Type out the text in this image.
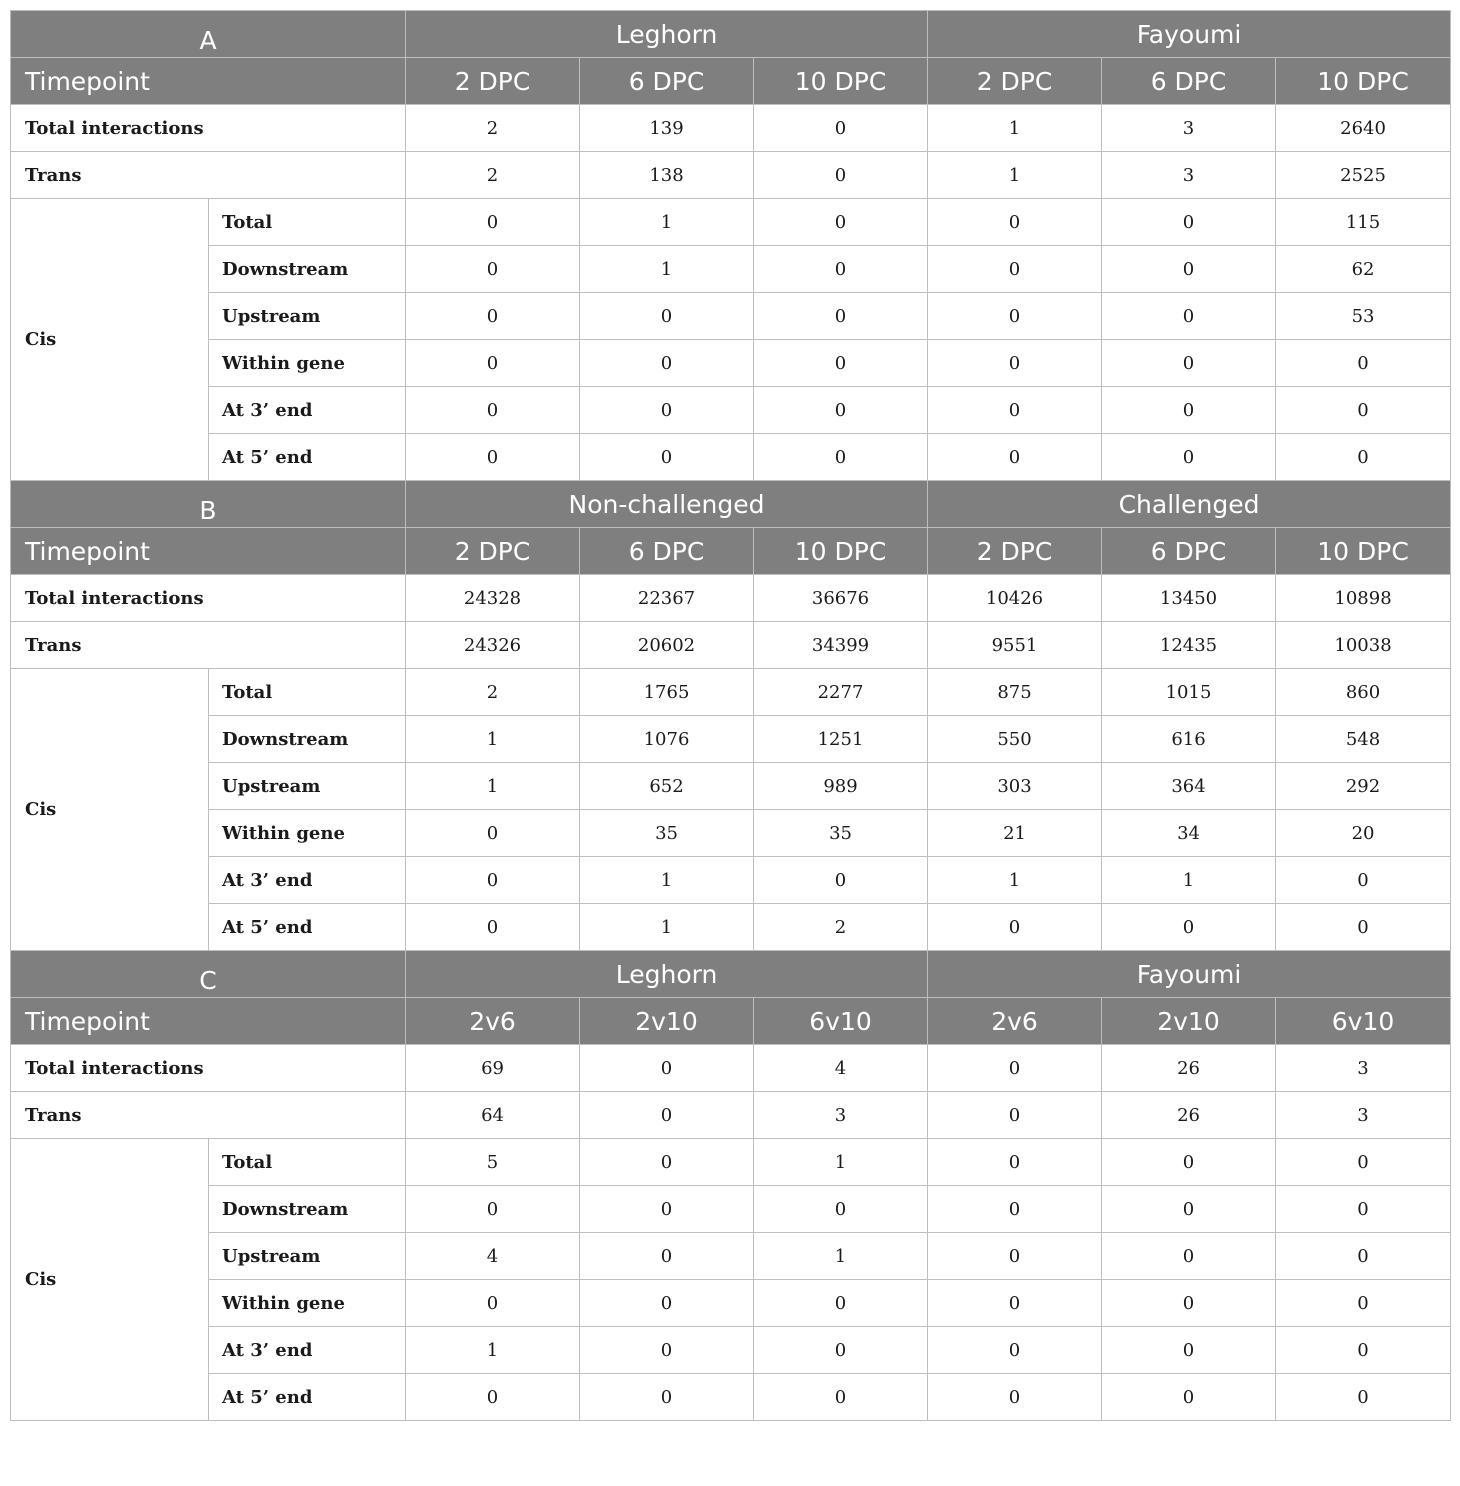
A		Leghorn			Fayoumi		
Timepoint		2 DPC	6 DPC	10 DPC	2 DPC	6 DPC	10 DPC
Total interactions		2	139	0	1	3	2640
Trans		2	138	0	1	3	2525
Cis	Total	0	1	0	0	0	115
	Downstream	0	1	0	0	0	62
	Upstream	0	0	0	0	0	53
	Within gene	0	0	0	0	0	0
	At 3’ end	0	0	0	0	0	0
	At 5’ end	0	0	0	0	0	0
B		Non-challenged			Challenged		
Timepoint		2 DPC	6 DPC	10 DPC	2 DPC	6 DPC	10 DPC
Total interactions		24328	22367	36676	10426	13450	10898
Trans		24326	20602	34399	9551	12435	10038
Cis	Total	2	1765	2277	875	1015	860
	Downstream	1	1076	1251	550	616	548
	Upstream	1	652	989	303	364	292
	Within gene	0	35	35	21	34	20
	At 3’ end	0	1	0	1	1	0
	At 5’ end	0	1	2	0	0	0
C		Leghorn			Fayoumi		
Timepoint		2v6	2v10	6v10	2v6	2v10	6v10
Total interactions		69	0	4	0	26	3
Trans		64	0	3	0	26	3
Cis	Total	5	0	1	0	0	0
	Downstream	0	0	0	0	0	0
	Upstream	4	0	1	0	0	0
	Within gene	0	0	0	0	0	0
	At 3’ end	1	0	0	0	0	0
	At 5’ end	0	0	0	0	0	0
